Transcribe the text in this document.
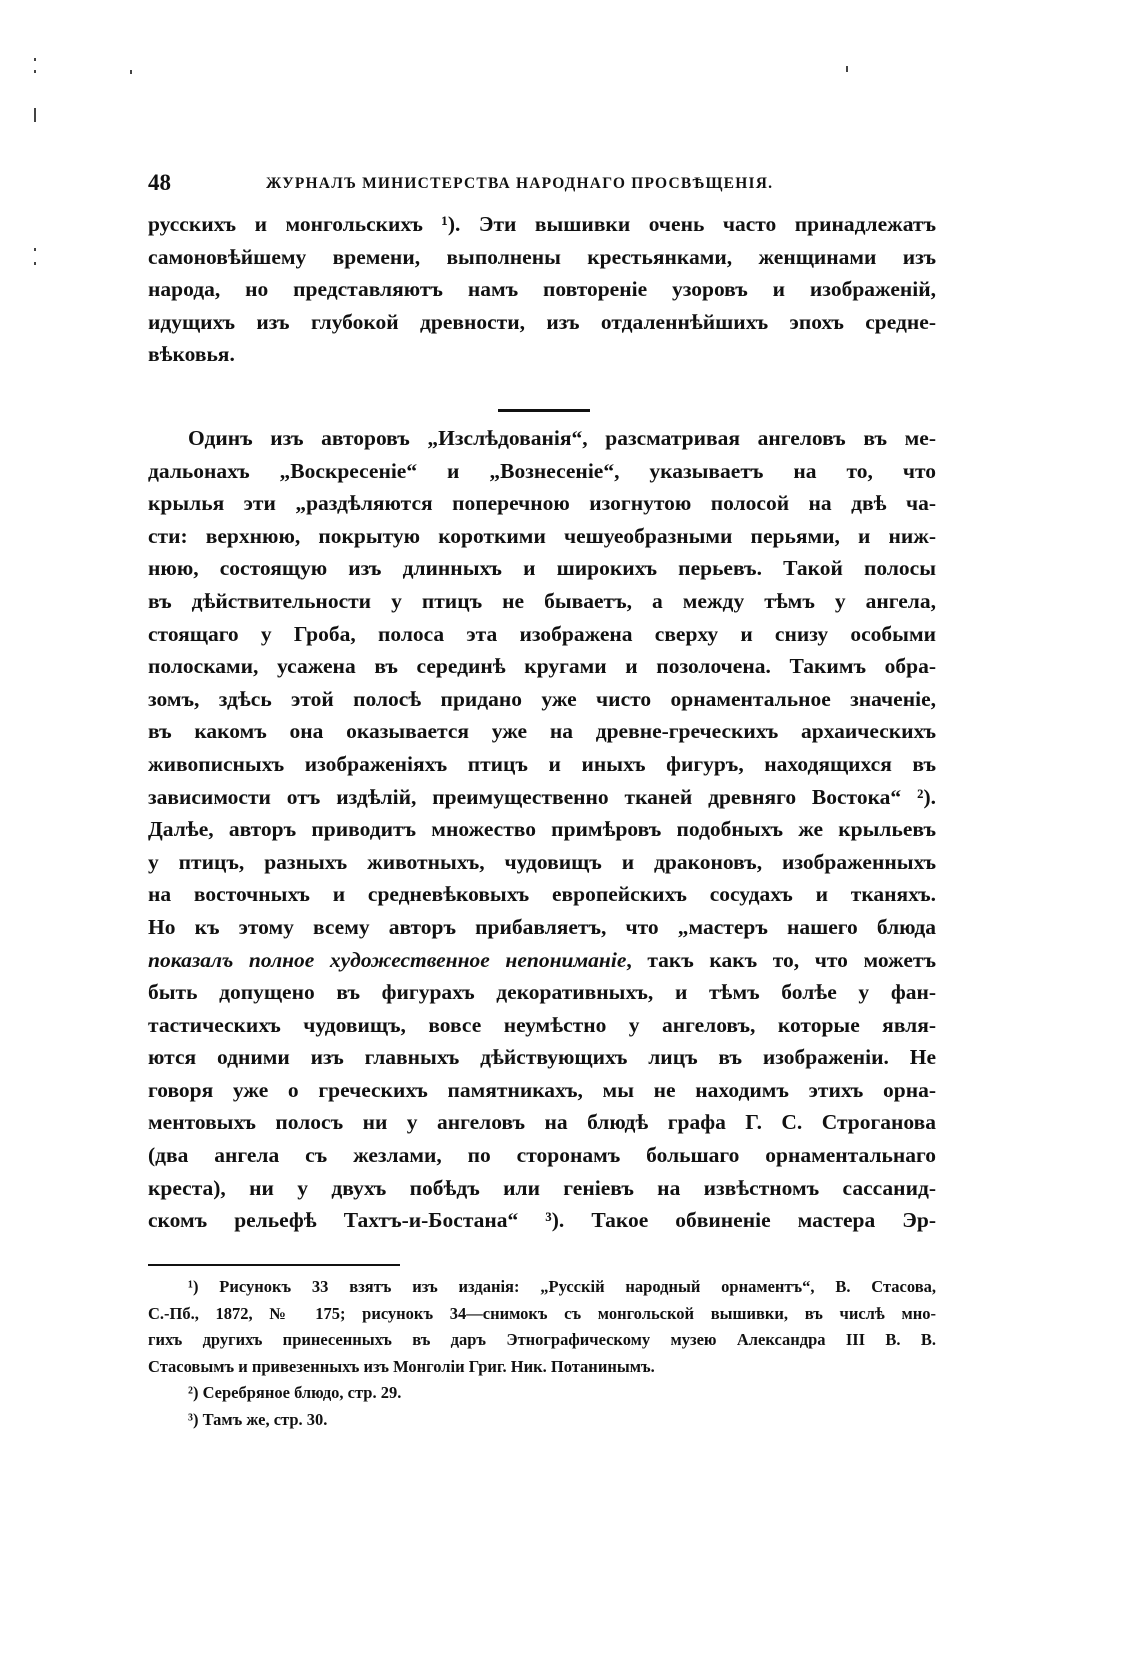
48	ЖУРНАЛЪ МИНИСТЕРСТВА НАРОДНАГО ПРОСВѢЩЕНІЯ.
русскихъ и монгольскихъ ¹). Эти вышивки очень часто принадлежатъ
самоновѣйшему времени, выполнены крестьянками, женщинами изъ
народа, но представляютъ намъ повтореніе узоровъ и изображеній,
идущихъ изъ глубокой древности, изъ отдаленнѣйшихъ эпохъ средне-
вѣковья.
Одинъ изъ авторовъ „Изслѣдованія“, разсматривая ангеловъ въ ме-
дальонахъ „Воскресеніе“ и „Вознесеніе“, указываетъ на то, что
крылья эти „раздѣляются поперечною изогнутою полосой на двѣ ча-
сти: верхнюю, покрытую короткими чешуеобразными перьями, и ниж-
нюю, состоящую изъ длинныхъ и широкихъ перьевъ. Такой полосы
въ дѣйствительности у птицъ не бываетъ, а между тѣмъ у ангела,
стоящаго у Гроба, полоса эта изображена сверху и снизу особыми
полосками, усажена въ серединѣ кругами и позолочена. Такимъ обра-
зомъ, здѣсь этой полосѣ придано уже чисто орнаментальное значеніе,
въ какомъ она оказывается уже на древне-греческихъ архаическихъ
живописныхъ изображеніяхъ птицъ и иныхъ фигуръ, находящихся въ
зависимости отъ издѣлій, преимущественно тканей древняго Востока“ ²).
Далѣе, авторъ приводитъ множество примѣровъ подобныхъ же крыльевъ
у птицъ, разныхъ животныхъ, чудовищъ и драконовъ, изображенныхъ
на восточныхъ и средневѣковыхъ европейскихъ сосудахъ и тканяхъ.
Но къ этому всему авторъ прибавляетъ, что „мастеръ нашего блюда
показалъ полное художественное непониманіе, такъ какъ то, что можетъ
быть допущено въ фигурахъ декоративныхъ, и тѣмъ болѣе у фан-
тастическихъ чудовищъ, вовсе неумѣстно у ангеловъ, которые явля-
ются одними изъ главныхъ дѣйствующихъ лицъ въ изображеніи. Не
говоря уже о греческихъ памятникахъ, мы не находимъ этихъ орна-
ментовыхъ полосъ ни у ангеловъ на блюдѣ графа Г. С. Строганова
(два ангела съ жезлами, по сторонамъ большаго орнаментальнаго
креста), ни у двухъ побѣдъ или геніевъ на извѣстномъ сассанид-
скомъ рельефѣ Тахтъ-и-Бостана“ ³). Такое обвиненіе мастера Эр-
¹) Рисунокъ 33 взятъ изъ изданія: „Русскій народный орнаментъ“, В. Стасова,
С.-Пб., 1872, № 175; рисунокъ 34—снимокъ съ монгольской вышивки, въ числѣ мно-
гихъ другихъ принесенныхъ въ даръ Этнографическому музею Александра III В. В.
Стасовымъ и привезенныхъ изъ Монголіи Григ. Ник. Потанинымъ.
²) Серебряное блюдо, стр. 29.
³) Тамъ же, стр. 30.
